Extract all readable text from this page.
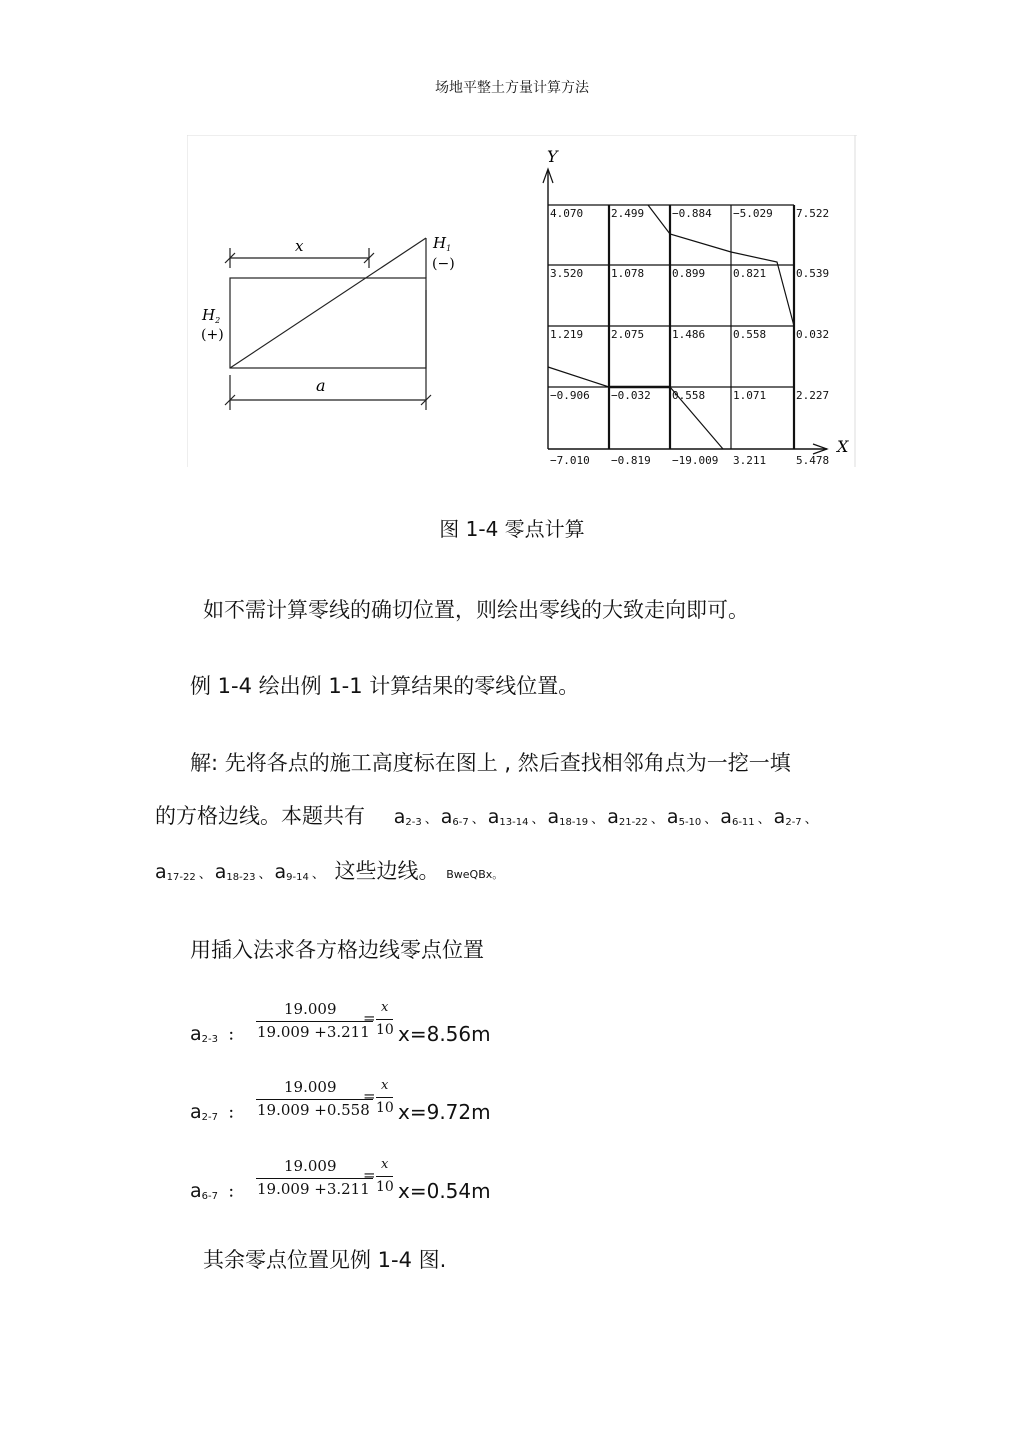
场地平整土方量计算方法
x
a
$H_1$
(−)
$H_2$
(+)
Y
X
4.070	2.499	−0.884 −5.029 7.522
3.520	1.078	0.899	0.821	0.539
1.219	2.075	1.486	0.558	0.032
−0.906 −0.032 0.558	1.071	2.227
−7.010 −0.819 −19.009 3.211	5.478
图 1-4 零点计算
如不需计算零线的确切位置，则绘出零线的大致走向即可。
例 1-4 绘出例 1-1 计算结果的零线位置。
解: 先将各点的施工高度标在图上 , 然后查找相邻角点为一挖一填
的方格边线。本题共有 a2-3 、 a6-7 、 a13-14 、 a18-19 、 a21-22 、 a5-10 、 a6-11 、 a2-7 、
a17-22 、 a18-23 、 a9-14 、 这些边线。 BweQBx。
用插入法求各方格边线零点位置
a2-3 ：
19.009
19.009 +3.211
=
x
10 x=8.56m
a2-7 ：
19.009
19.009 +0.558
=
x
10 x=9.72m
a6-7 ：
19.009
19.009 +3.211
=
x
10 x=0.54m
其余零点位置见例 1-4 图.
